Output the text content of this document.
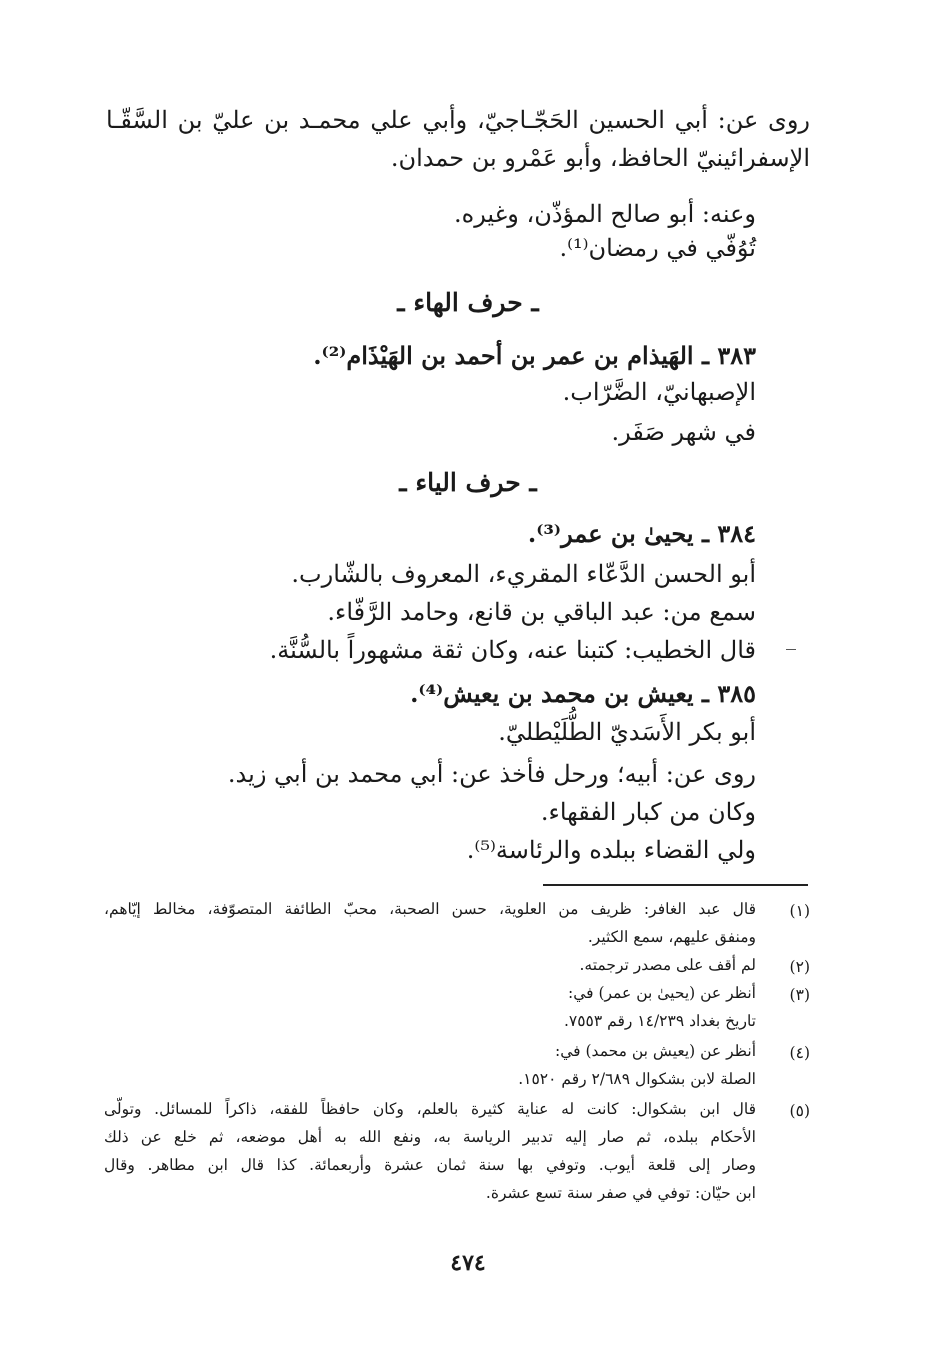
روى عن: أبي الحسين الحَجّـاجيّ، وأبي علي محمـد بن عليّ بن السَّقّـا
الإسفرائينيّ الحافظ، وأبو عَمْرو بن حمدان.
وعنه: أبو صالح المؤذّن، وغيره.
تُوُفّي في رمضان⁽¹⁾.
ـ حرف الهاء ـ
٣٨٣ ـ الهَيذام بن عمر بن أحمد بن الهَيْذَام⁽²⁾.
الإصبهانيّ، الضَّرّاب.
في شهر صَفَر.
ـ حرف الياء ـ
٣٨٤ ـ يحيىٰ بن عمر⁽³⁾.
أبو الحسن الدَّعّاء المقريء، المعروف بالشّارب.
سمع من: عبد الباقي بن قانع، وحامد الرَّفّاء.
قال الخطيب: كتبنا عنه، وكان ثقة مشهوراً بالسُّنَّة.
٣٨٥ ـ يعيش بن محمد بن يعيش⁽⁴⁾.
أبو بكر الأَسَديّ الطُّلَيْطليّ.
روى عن: أبيه؛ ورحل فأخذ عن: أبي محمد بن أبي زيد.
وكان من كبار الفقهاء.
ولي القضاء ببلده والرئاسة⁽⁵⁾.
(١)
قال عبد الغافر: ظريف من العلوية، حسن الصحبة، محبّ الطائفة المتصوّفة، مخالط إيّاهم،
ومنفق عليهم، سمع الكثير.
(٢)
لم أقف على مصدر ترجمته.
(٣)
أنظر عن (يحيىٰ بن عمر) في:
تاريخ بغداد ١٤/٢٣٩ رقم ٧٥٥٣.
(٤)
أنظر عن (يعيش بن محمد) في:
الصلة لابن بشكوال ٢/٦٨٩ رقم ١٥٢٠.
(٥)
قال ابن بشكوال: كانت له عناية كثيرة بالعلم، وكان حافظاً للفقه، ذاكراً للمسائل. وتولّى
الأحكام ببلده، ثم صار إليه تدبير الرياسة به، ونفع الله به أهل موضعه، ثم خلع عن ذلك
وصار إلى قلعة أيوب. وتوفي بها سنة ثمان عشرة وأربعمائة. كذا قال ابن مطاهر. وقال
ابن حيّان: توفي في صفر سنة تسع عشرة.
٤٧٤
